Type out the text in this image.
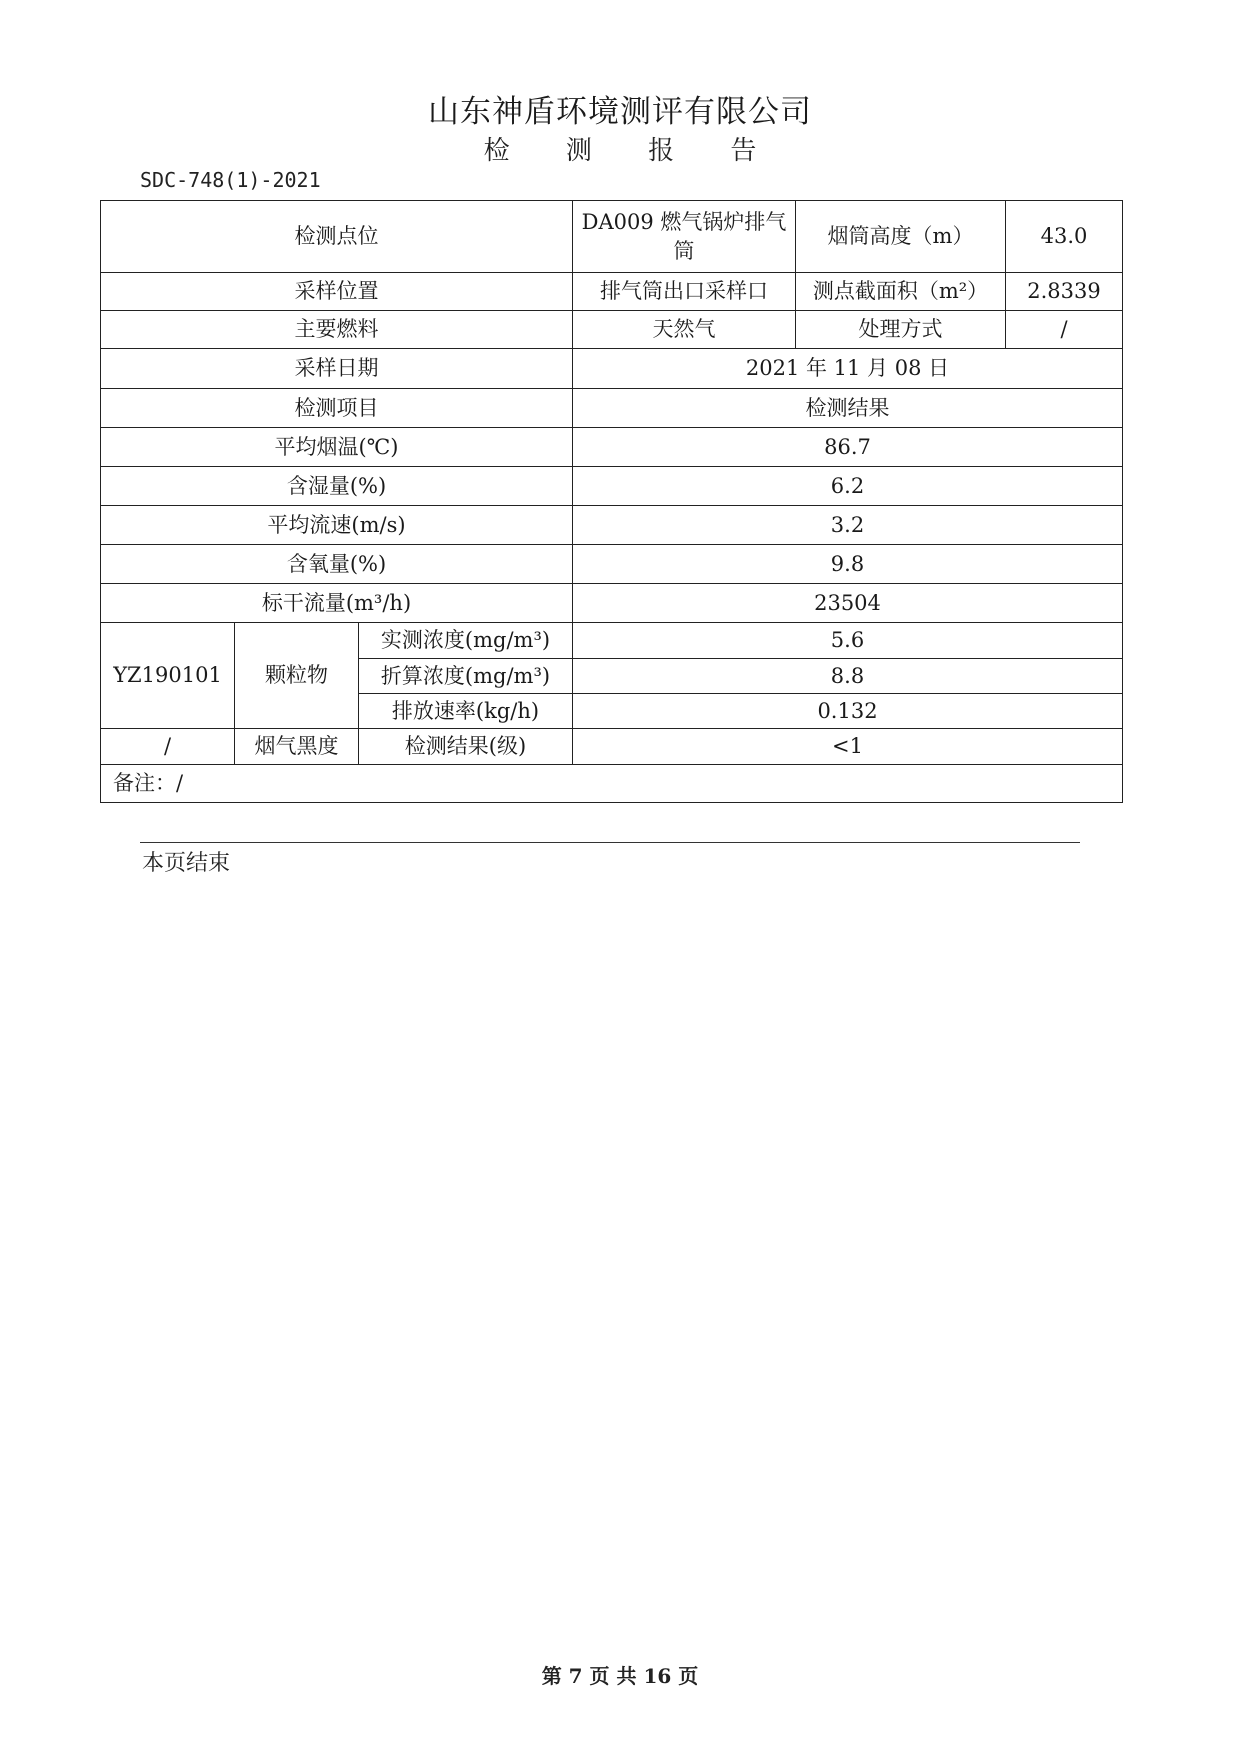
山东神盾环境测评有限公司
检 测 报 告
SDC-748(1)-2021
检测点位			DA009 燃气锅炉排气筒	烟筒高度（m）	43.0
采样位置			排气筒出口采样口	测点截面积（m²）	2.8339
主要燃料			天然气	处理方式	/
采样日期			2021 年 11 月 08 日		
检测项目			检测结果		
平均烟温(℃)			86.7		
含湿量(%)			6.2		
平均流速(m/s)			3.2		
含氧量(%)			9.8		
标干流量(m³/h)			23504		
YZ190101	颗粒物	实测浓度(mg/m³)	5.6		
		折算浓度(mg/m³)	8.8		
		排放速率(kg/h)	0.132		
/	烟气黑度	检测结果(级)	<1		
备注：/					
本页结束
第 7 页 共 16 页
